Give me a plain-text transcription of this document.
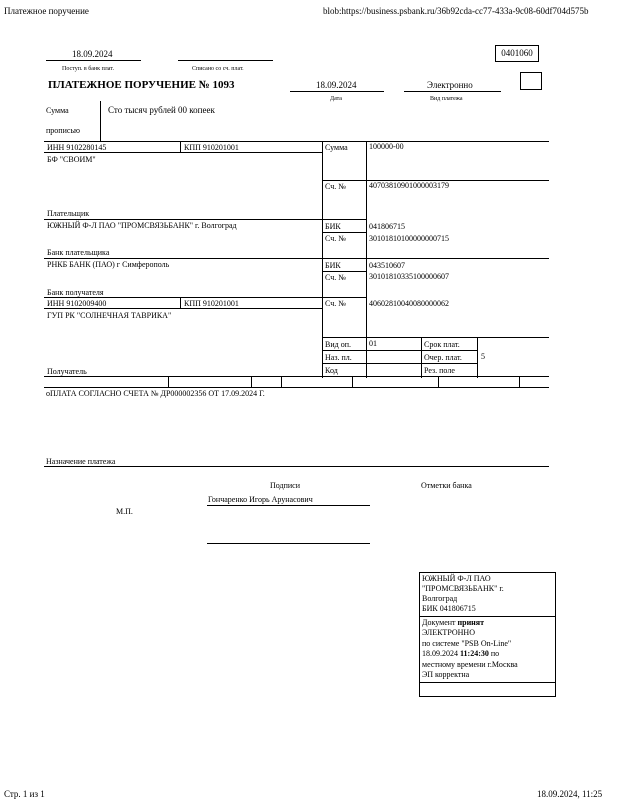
Платежное поручение	blob:https://business.psbank.ru/36b92cda-cc77-433a-9c08-60df704d575b
18.09.2024
Поступ. в банк плат.	Списано со сч. плат.
0401060
ПЛАТЕЖНОЕ ПОРУЧЕНИЕ № 1093	18.09.2024
Дата
Электронно
Вид платежа
Сумма
прописью
Сто тысяч рублей 00 копеек
ИНН 9102280145	КПП 910201001
БФ "СВОИМ"
Сумма	100000-00
Сч. №	40703810901000003179
Плательщик
ЮЖНЫЙ Ф-Л ПАО "ПРОМСВЯЗЬБАНК" г. Волгоград	БИК	041806715
Сч. №	30101810100000000715
Банк плательщика
РНКБ БАНК (ПАО) г Симферополь	БИК	043510607
Сч. №	30101810335100000607
Банк получателя
ИНН 9102009400	КПП 910201001
ГУП РК "СОЛНЕЧНАЯ ТАВРИКА"
Сч. №	40602810040080000062
Вид оп. 01	Срок плат.
Наз. пл.	Очер. плат. 5
Код	Рез. поле
Получатель
оПЛАТА СОГЛАСНО СЧЕТА № ДР000002356 ОТ 17.09.2024 Г.
Назначение платежа
Подписи	Отметки банка
Гончаренко Игорь Арунасович
М.П.
ЮЖНЫЙ Ф-Л ПАО
"ПРОМСВЯЗЬБАНК" г.
Волгоград
БИК 041806715
Документ принят
ЭЛЕКТРОННО
по системе "PSB On-Line"
18.09.2024 11:24:30 по
местному времени г.Москва
ЭП корректна
Стр. 1 из 1	18.09.2024, 11:25
